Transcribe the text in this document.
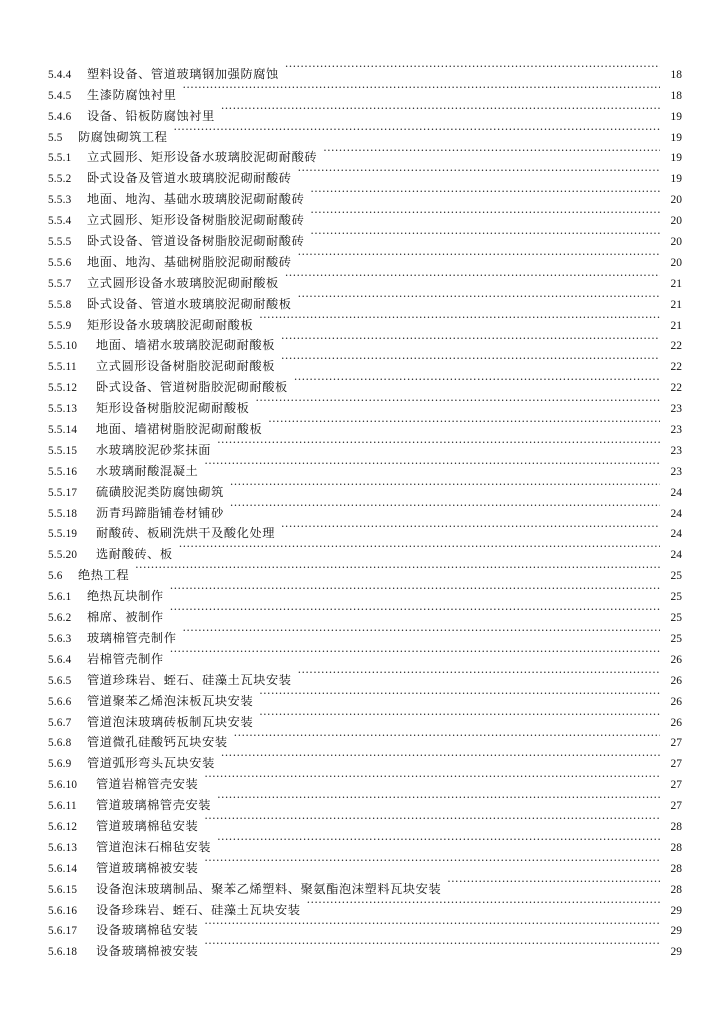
5.4.4	塑料设备、管道玻璃钢加强防腐蚀 ·····	18
5.4.5	生漆防腐蚀衬里 ·····	18
5.4.6	设备、铅板防腐蚀衬里 ·····	19
5.5	防腐蚀砌筑工程 ·····	19
5.5.1	立式圆形、矩形设备水玻璃胶泥砌耐酸砖 ·····	19
5.5.2	卧式设备及管道水玻璃胶泥砌耐酸砖 ·····	19
5.5.3	地面、地沟、基础水玻璃胶泥砌耐酸砖 ·····	20
5.5.4	立式圆形、矩形设备树脂胶泥砌耐酸砖 ·····	20
5.5.5	卧式设备、管道设备树脂胶泥砌耐酸砖 ·····	20
5.5.6	地面、地沟、基础树脂胶泥砌耐酸砖 ·····	20
5.5.7	立式圆形设备水玻璃胶泥砌耐酸板 ·····	21
5.5.8	卧式设备、管道水玻璃胶泥砌耐酸板 ·····	21
5.5.9	矩形设备水玻璃胶泥砌耐酸板 ·····	21
5.5.10	地面、墙裙水玻璃胶泥砌耐酸板 ·····	22
5.5.11	立式圆形设备树脂胶泥砌耐酸板 ·····	22
5.5.12	卧式设备、管道树脂胶泥砌耐酸板 ·····	22
5.5.13	矩形设备树脂胶泥砌耐酸板 ·····	23
5.5.14	地面、墙裙树脂胶泥砌耐酸板 ·····	23
5.5.15	水玻璃胶泥砂浆抹面 ·····	23
5.5.16	水玻璃耐酸混凝土 ·····	23
5.5.17	硫磺胶泥类防腐蚀砌筑 ·····	24
5.5.18	沥青玛蹄脂铺卷材铺砂 ·····	24
5.5.19	耐酸砖、板刷洗烘干及酸化处理 ·····	24
5.5.20	选耐酸砖、板 ·····	24
5.6	绝热工程 ·····	25
5.6.1	绝热瓦块制作 ·····	25
5.6.2	棉席、被制作 ·····	25
5.6.3	玻璃棉管壳制作 ·····	25
5.6.4	岩棉管壳制作 ·····	26
5.6.5	管道珍珠岩、蛭石、硅藻土瓦块安装 ·····	26
5.6.6	管道聚苯乙烯泡沫板瓦块安装 ·····	26
5.6.7	管道泡沫玻璃砖板制瓦块安装 ·····	26
5.6.8	管道微孔硅酸钙瓦块安装 ·····	27
5.6.9	管道弧形弯头瓦块安装 ·····	27
5.6.10	管道岩棉管壳安装 ·····	27
5.6.11	管道玻璃棉管壳安装 ·····	27
5.6.12	管道玻璃棉毡安装 ·····	28
5.6.13	管道泡沫石棉毡安装 ·····	28
5.6.14	管道玻璃棉被安装 ·····	28
5.6.15	设备泡沫玻璃制品、聚苯乙烯塑料、聚氨酯泡沫塑料瓦块安装 ·····	28
5.6.16	设备珍珠岩、蛭石、硅藻土瓦块安装 ·····	29
5.6.17	设备玻璃棉毡安装 ·····	29
5.6.18	设备玻璃棉被安装 ·····	29
